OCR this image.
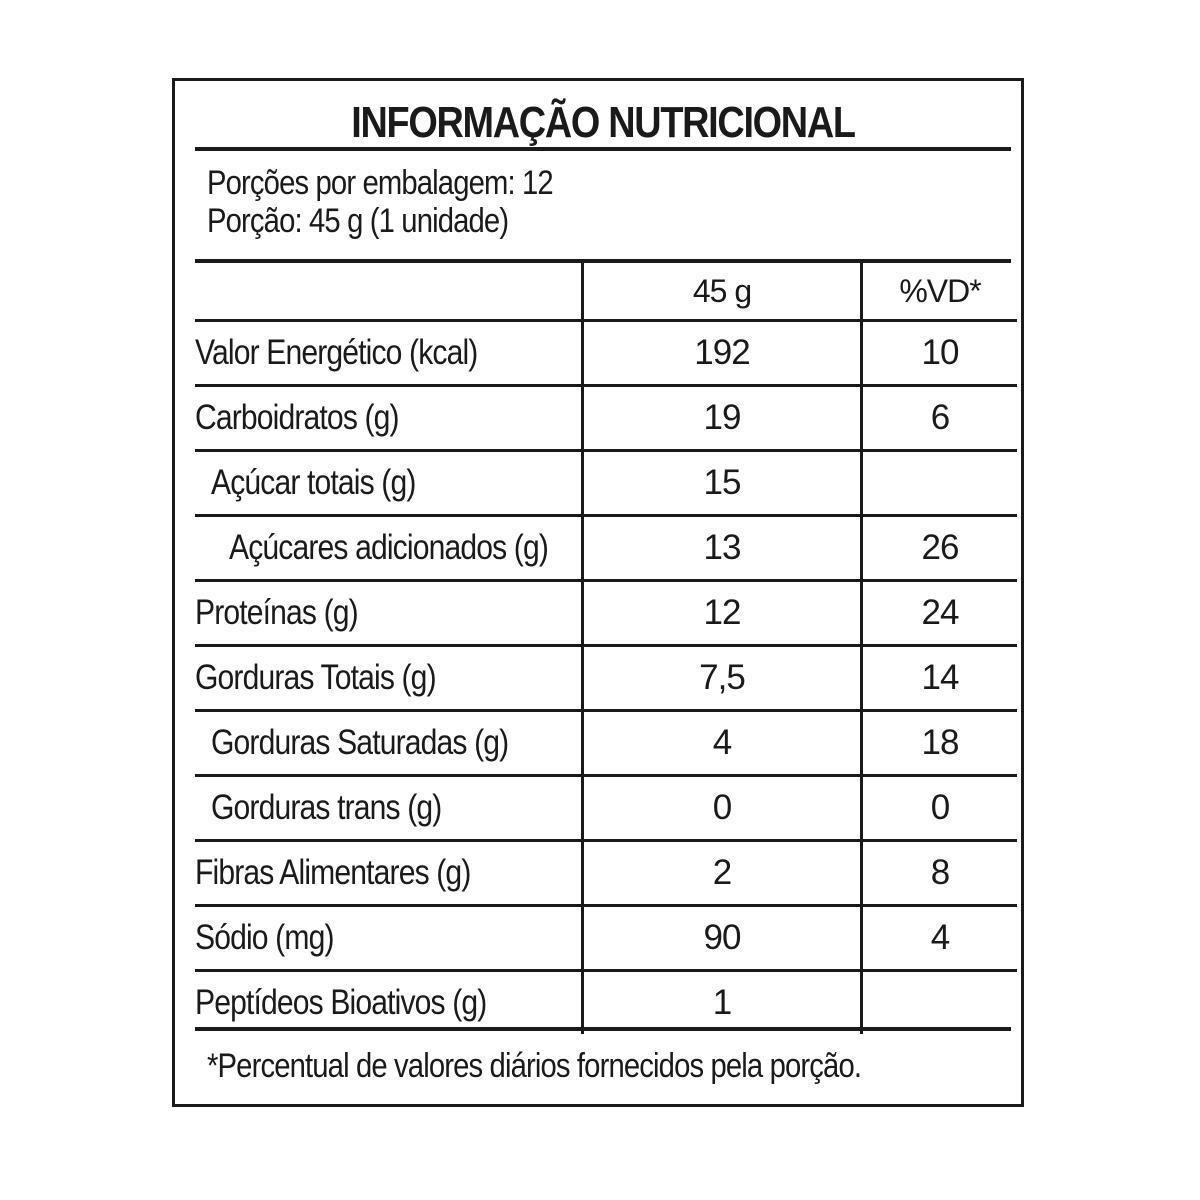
INFORMAÇÃO NUTRICIONAL
Porções por embalagem: 12
Porção: 45 g (1 unidade)
	45 g	%VD*
Valor Energético (kcal)	192	10
Carboidratos (g)	19	6
Açúcar totais (g)	15	
Açúcares adicionados (g)	13	26
Proteínas (g)	12	24
Gorduras Totais (g)	7,5	14
Gorduras Saturadas (g)	4	18
Gorduras trans (g)	0	0
Fibras Alimentares (g)	2	8
Sódio (mg)	90	4
Peptídeos Bioativos (g)	1	
*Percentual de valores diários fornecidos pela porção.
